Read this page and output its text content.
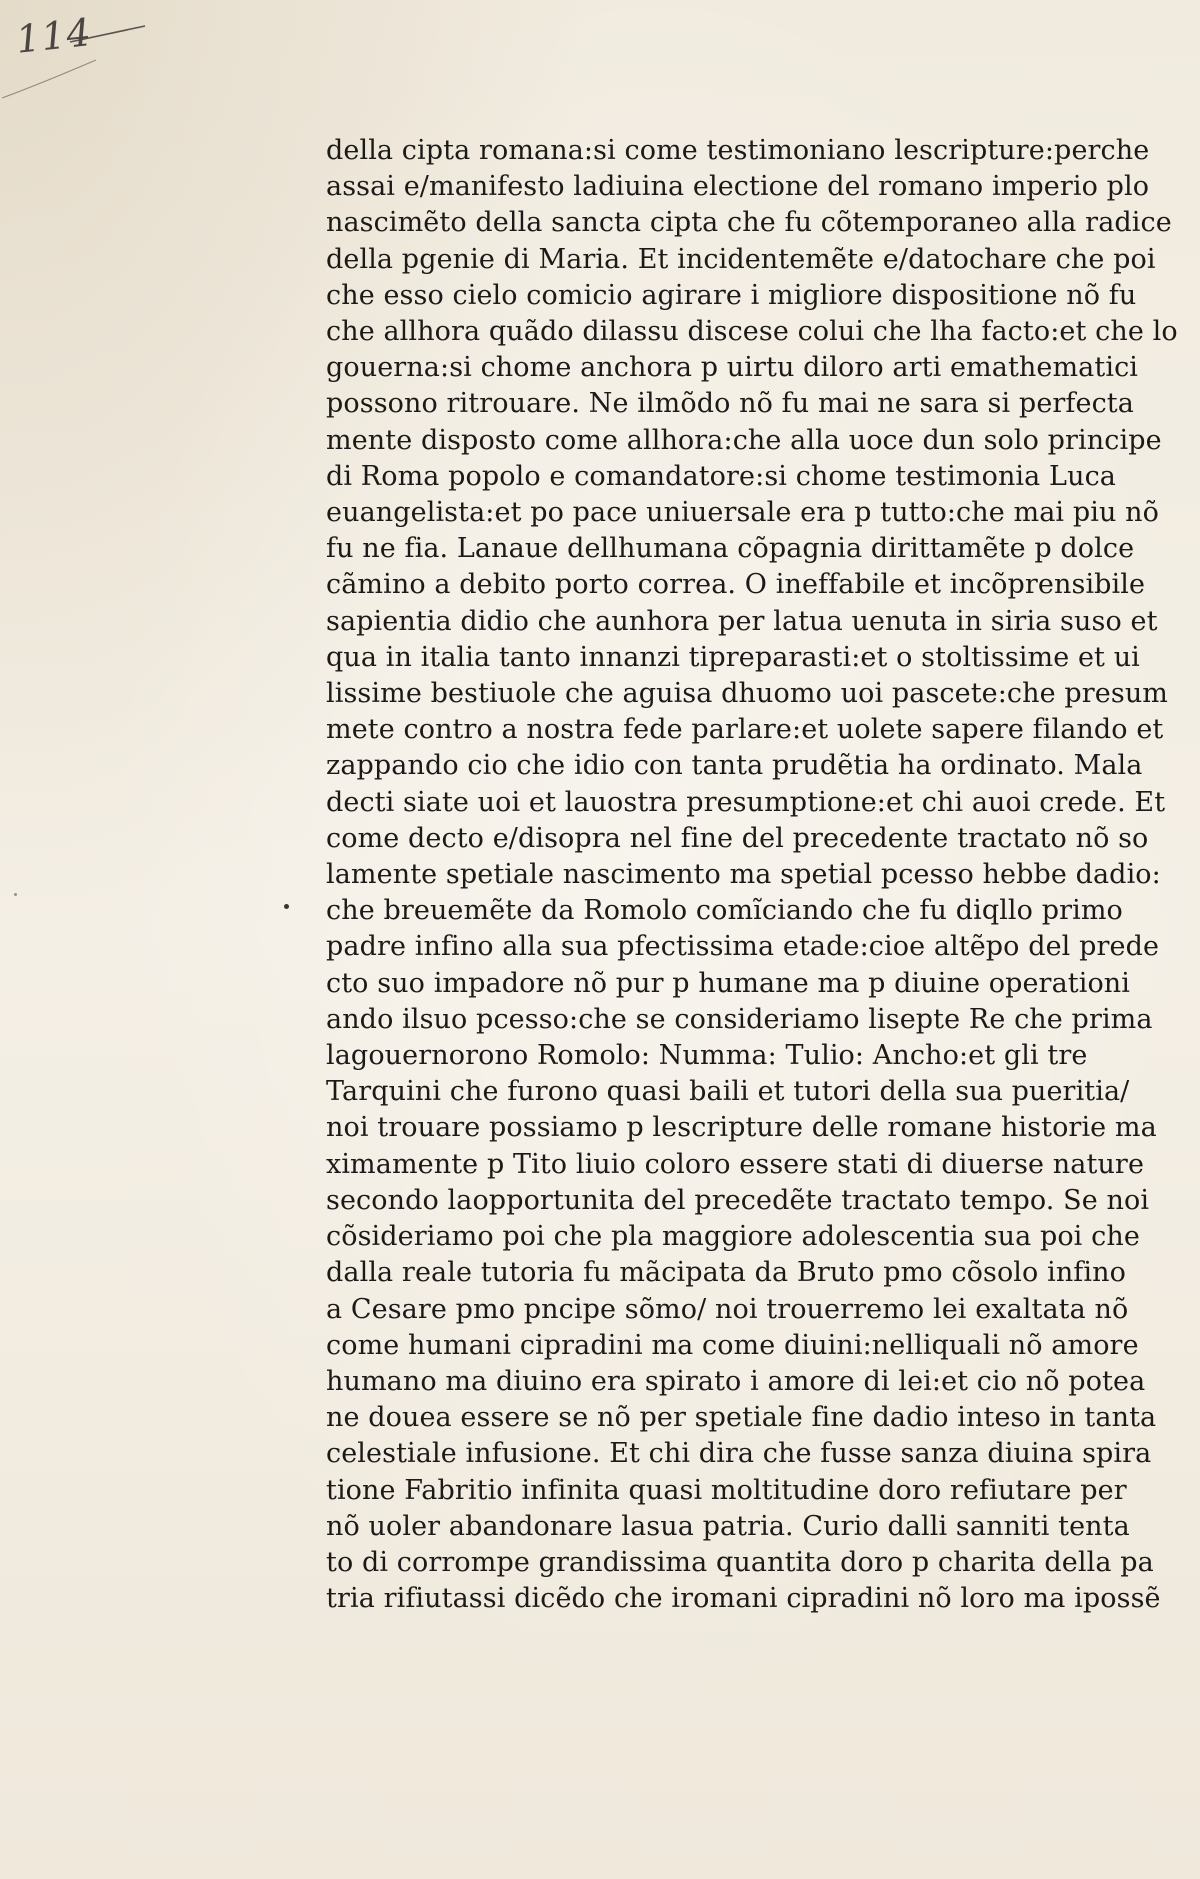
114
della cipta romana:si come testimoniano lescripture:perche
assai e/manifesto ladiuina electione del romano imperio plo
nascimẽto della sancta cipta che fu cõtemporaneo alla radice
della pgenie di Maria. Et incidentemẽte e/datochare che poi
che esso cielo comicio agirare i migliore dispositione nõ fu
che allhora quãdo dilassu discese colui che lha facto:et che lo
gouerna:si chome anchora p uirtu diloro arti emathematici
possono ritrouare. Ne ilmõdo nõ fu mai ne sara si perfecta
mente disposto come allhora:che alla uoce dun solo principe
di Roma popolo e comandatore:si chome testimonia Luca
euangelista:et po pace uniuersale era p tutto:che mai piu nõ
fu ne fia. Lanaue dellhumana cõpagnia dirittamẽte p dolce
cãmino a debito porto correa. O ineffabile et incõprensibile
sapientia didio che aunhora per latua uenuta in siria suso et
qua in italia tanto innanzi tipreparasti:et o stoltissime et ui
lissime bestiuole che aguisa dhuomo uoi pascete:che presum
mete contro a nostra fede parlare:et uolete sapere filando et
zappando cio che idio con tanta prudẽtia ha ordinato. Mala
decti siate uoi et lauostra presumptione:et chi auoi crede. Et
come decto e/disopra nel fine del precedente tractato nõ so
lamente spetiale nascimento ma spetial pcesso hebbe dadio:
che breuemẽte da Romolo comĩciando che fu diqllo primo
padre infino alla sua pfectissima etade:cioe altẽpo del prede
cto suo impadore nõ pur p humane ma p diuine operationi
ando ilsuo pcesso:che se consideriamo lisepte Re che prima
lagouernorono Romolo: Numma: Tulio: Ancho:et gli tre
Tarquini che furono quasi baili et tutori della sua pueritia/
noi trouare possiamo p lescripture delle romane historie ma
ximamente p Tito liuio coloro essere stati di diuerse nature
secondo laopportunita del precedẽte tractato tempo. Se noi
cõsideriamo poi che pla maggiore adolescentia sua poi che
dalla reale tutoria fu mãcipata da Bruto pmo cõsolo infino
a Cesare pmo pncipe sõmo/ noi trouerremo lei exaltata nõ
come humani cipradini ma come diuini:nelliquali nõ amore
humano ma diuino era spirato i amore di lei:et cio nõ potea
ne douea essere se nõ per spetiale fine dadio inteso in tanta
celestiale infusione. Et chi dira che fusse sanza diuina spira
tione Fabritio infinita quasi moltitudine doro refiutare per
nõ uoler abandonare lasua patria. Curio dalli sanniti tenta
to di corrompe grandissima quantita doro p charita della pa
tria rifiutassi dicẽdo che iromani cipradini nõ loro ma ipossẽ
